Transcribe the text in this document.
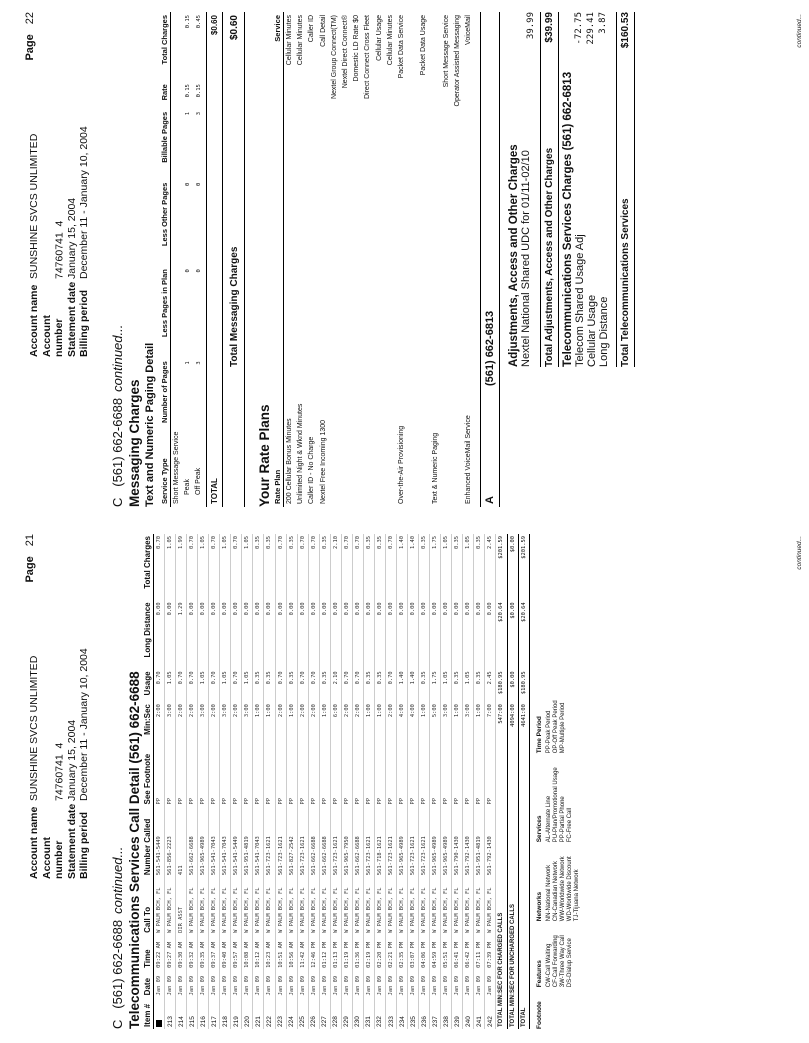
Account nameSUNSHINE SVCS UNLIMITED
Account number74760741  4
Statement dateJanuary 15, 2004
Billing periodDecember 11 - January 10, 2004
Page21
C   (561) 662-6688continued... Telecommunications Services Call Detail (561) 662-6688 Item #	Date	Time	Call To	Number Called	See Footnote	Min:Sec	Usage	Long Distance	Total Charges
	Jan 09	09:22 AM	W PALM BCH, FL	561-541-5449	PP	2:00	0.70	0.00	0.70
213	Jan 09	09:27 AM	W PALM BCH, FL	561-856-2223	PP	3:00	1.05	0.00	1.05
214	Jan 09	09:30 AM	DIR ASST	411	PP	2:00	0.70	1.29	1.99
215	Jan 09	09:32 AM	W PALM BCH, FL	561-662-6688	PP	2:00	0.70	0.00	0.70
216	Jan 09	09:35 AM	W PALM BCH, FL	561-965-4989	PP	3:00	1.05	0.00	1.05
217	Jan 09	09:37 AM	W PALM BCH, FL	561-541-7043	PP	2:00	0.70	0.00	0.70
218	Jan 09	09:40 AM	W PALM BCH, FL	561-541-7043	PP	3:00	1.05	0.00	1.05
219	Jan 09	09:57 AM	W PALM BCH, FL	561-541-5449	PP	2:00	0.70	0.00	0.70
220	Jan 09	10:08 AM	W PALM BCH, FL	561-951-4819	PP	3:00	1.05	0.00	1.05
221	Jan 09	10:12 AM	W PALM BCH, FL	561-541-7043	PP	1:00	0.35	0.00	0.35
222	Jan 09	10:23 AM	W PALM BCH, FL	561-723-1621	PP	1:00	0.35	0.00	0.35
223	Jan 09	10:51 AM	W PALM BCH, FL	561-723-1621	PP	2:00	0.70	0.00	0.70
224	Jan 09	10:56 AM	W PALM BCH, FL	561-827-2542	PP	1:00	0.35	0.00	0.35
225	Jan 09	11:42 AM	W PALM BCH, FL	561-723-1621	PP	2:00	0.70	0.00	0.70
226	Jan 09	12:46 PM	W PALM BCH, FL	561-662-6688	PP	2:00	0.70	0.00	0.70
227	Jan 09	01:12 PM	W PALM BCH, FL	561-662-6688	PP	1:00	0.35	0.00	0.35
228	Jan 09	01:13 PM	W PALM BCH, FL	561-723-1621	PP	6:00	2.10	0.00	2.10
229	Jan 09	01:19 PM	W PALM BCH, FL	561-965-7950	PP	2:00	0.70	0.00	0.70
230	Jan 09	01:36 PM	W PALM BCH, FL	561-662-6688	PP	2:00	0.70	0.00	0.70
231	Jan 09	02:19 PM	W PALM BCH, FL	561-723-1621	PP	1:00	0.35	0.00	0.35
232	Jan 09	02:20 PM	W PALM BCH, FL	561-718-1621	PP	1:00	0.35	0.00	0.35
233	Jan 09	02:21 PM	W PALM BCH, FL	561-723-1621	PP	2:00	0.70	0.00	0.70
234	Jan 09	02:35 PM	W PALM BCH, FL	561-965-4989	PP	4:00	1.40	0.00	1.40
235	Jan 09	03:07 PM	W PALM BCH, FL	561-723-1621	PP	4:00	1.40	0.00	1.40
236	Jan 09	04:06 PM	W PALM BCH, FL	561-723-1621	PP	1:00	0.35	0.00	0.35
237	Jan 09	04:59 PM	W PALM BCH, FL	561-965-4989	PP	5:00	1.75	0.00	1.75
238	Jan 09	05:51 PM	W PALM BCH, FL	561-965-4989	PP	3:00	1.05	0.00	1.05
239	Jan 09	06:41 PM	W PALM BCH, FL	561-790-1430	PP	1:00	0.35	0.00	0.35
240	Jan 09	06:42 PM	W PALM BCH, FL	561-792-1430	PP	3:00	1.05	0.00	1.05
241	Jan 09	07:11 PM	W PALM BCH, FL	561-951-4819	PP	1:00	0.35	0.00	0.35
242	Jan 09	07:39 PM	W PALM BCH, FL	561-792-1430	PP	7:00	2.45	0.00	2.45
TOTAL MIN:SEC FOR CHARGED CALLS						547:00	$180.95	$20.64	$201.59
TOTAL MIN:SEC FOR UNCHARGED CALLS						4094:00	$0.00	$0.00	$0.00
TOTAL						4641:00	$180.95	$20.64	$201.59
Footnote
Features CW-Call Waiting CF-Call Forwarding 3W-Three Way Call DS-Dialup Service
Networks NN-National Network CN-Canadian Network WW-Worldwide Network WD-Worldwide Discount TJ-Tijuana Network
Services AL-Alternate Line PU-Plan/Promotional Usage PP-Partial Phone FC-Free Call
Time Period PP-Peak Period OP-Off Peak Period MP-Multiple Period
continued...
Account nameSUNSHINE SVCS UNLIMITED
Account number74760741  4
Statement dateJanuary 15, 2004
Billing periodDecember 11 - January 10, 2004
Page22
C   (561) 662-6688continued...
Messaging Charges Text and Numeric Paging Detail Service Type	Number of Pages	Less Pages in Plan	Less Other Pages	Billable Pages	Rate	Total Charges
Short Message Service						
Peak	1	0	0	1	0.15	0.15
Off Peak	3	0	0	3	0.15	0.45
TOTAL
$0.60
Total Messaging Charges
$0.60
Your Rate Plans Rate Plan	Service
200 Cellular Bonus Minutes	Cellular Minutes
Unlimited Night & Wknd Minutes	Cellular Minutes
Caller ID - No Charge	Caller ID
Nextel Free Incoming 1300	Call Detail
	Nextel Group Connect(TM)
	Nextel Direct Connect®
	Domestic LD Rate $0
	Direct Connect Cross Fleet
	Cellular Usage
	Cellular Minutes
Over-the-Air Provisioning	Packet Data Service

	Packet Data Usage
Text & Numeric Paging	
	Short Message Service
	Operator Assisted Messaging
Enhanced VoiceMail Service	VoiceMail
A
(561) 662-6813 Adjustments, Access and Other Charges Nextel National Shared UDC for 01/11-02/10
39.99
Total Adjustments, Access and Other Charges
$39.99
Telecommunications Services Charges (561) 662-6813 Telecom Shared Usage Adj
-72.75
Cellular Usage
229.41
Long Distance
3.87
Total Telecommunications Services
$160.53	continued...
